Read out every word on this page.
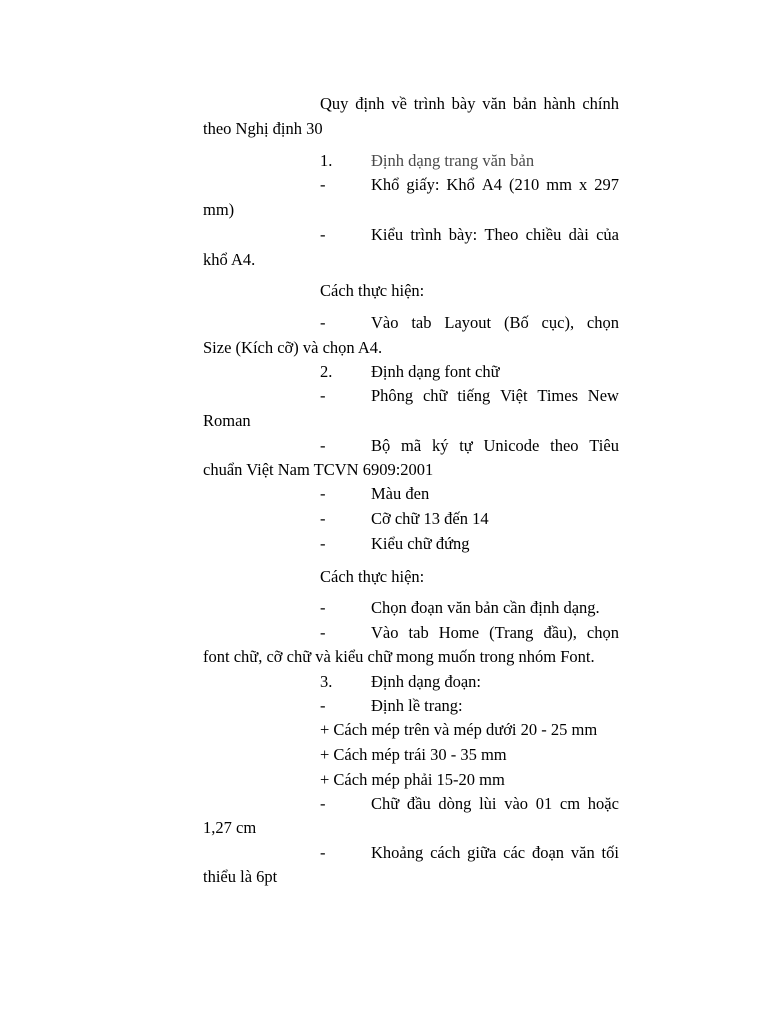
Quy định về trình bày văn bản hành chính
theo Nghị định 30
1. Định dạng trang văn bản
-	Khổ giấy: Khổ A4 (210 mm x 297
mm)
-	Kiểu trình bày: Theo chiều dài của
khổ A4.
Cách thực hiện:
-	Vào tab Layout (Bố cục), chọn
Size (Kích cỡ) và chọn A4.
2. Định dạng font chữ
-	Phông chữ tiếng Việt Times New
Roman
-	Bộ mã ký tự Unicode theo Tiêu
chuẩn Việt Nam TCVN 6909:2001
-	Màu đen
-	Cỡ chữ 13 đến 14
-	Kiểu chữ đứng
Cách thực hiện:
-	Chọn đoạn văn bản cần định dạng.
-	Vào tab Home (Trang đầu), chọn
font chữ, cỡ chữ và kiểu chữ mong muốn trong nhóm Font.
3. Định dạng đoạn:
-	Định lề trang:
+ Cách mép trên và mép dưới 20 - 25 mm
+ Cách mép trái 30 - 35 mm
+ Cách mép phải 15-20 mm
-	Chữ đầu dòng lùi vào 01 cm hoặc
1,27 cm
-	Khoảng cách giữa các đoạn văn tối
thiểu là 6pt
